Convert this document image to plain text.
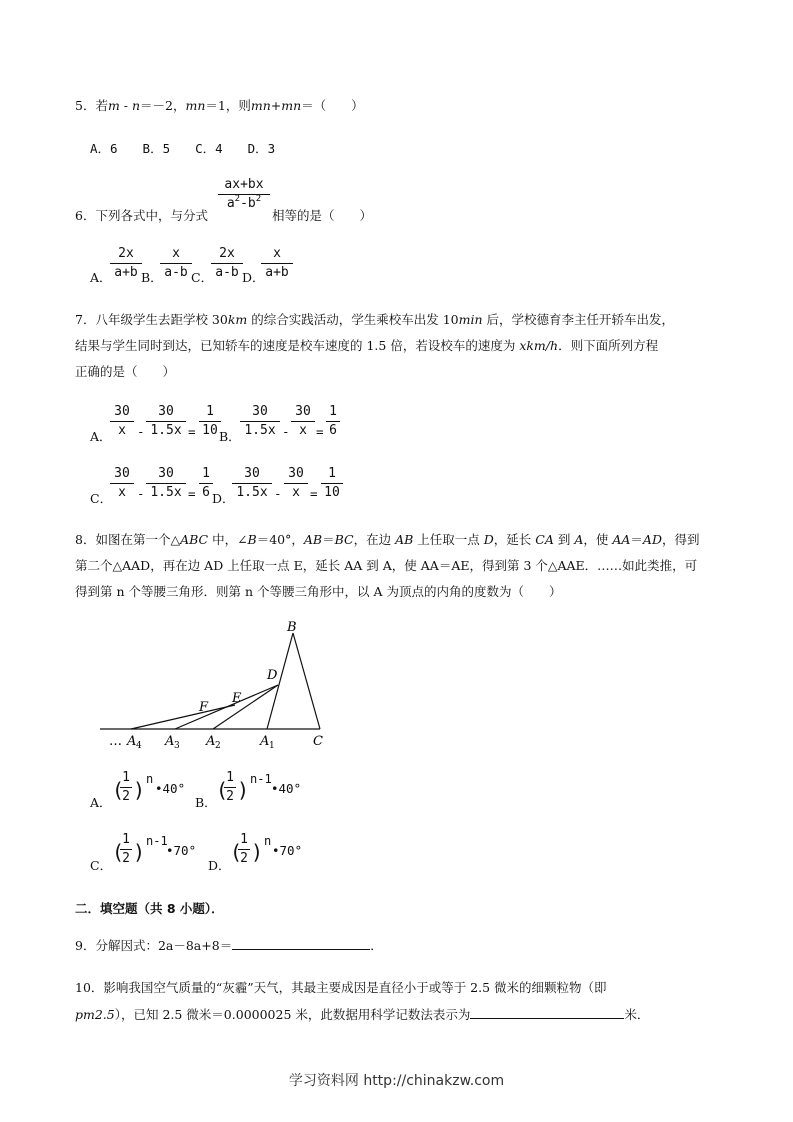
5．若m - n＝－2，mn＝1，则mn+mn＝（　　）
A．6　　B．5　　C．4　　D．3
ax+bx
$a^2-b^2$
6．下列各式中，与分式	相等的是（　　）
A．
2x
a+b B．
x
a-b C．
2x
a-b D．
x
a+b
7．八年级学生去距学校 30km 的综合实践活动，学生乘校车出发 10min 后，学校德育李主任开轿车出发，
结果与学生同时到达，已知轿车的速度是校车速度的 1.5 倍，若设校车的速度为 xkm/h．则下面所列方程
正确的是（　　）
A．
30
x -
30
1.5x =
1
10 B．
30
1.5x -
30
x =
1
6
C．
30
x -
30
1.5x =
1
6 D．
30
1.5x -
30
x =
1
10
8．如图在第一个△ABC 中，∠B＝40°，AB＝BC，在边 AB 上任取一点 D，延长 CA 到 A，使 AA＝AD，得到
第二个△AAD，再在边 AD 上任取一点 E，延长 AA 到 A，使 AA＝AE，得到第 3 个△AAE．……如此类推，可
得到第 n 个等腰三角形．则第 n 个等腰三角形中，以 A 为顶点的内角的度数为（　　）
B
D
E
F
C
… A 4 A 3 A 2	A 1
A．
(
1
2 ) n
•40°
B．
(
1
2 ) n-1
•40°
C．
(
1
2 ) n-1
•70°
D．
(
1
2 ) n
•70°
二．填空题（共 8 小题）．
9．分解因式：2a－8a+8＝	．
10．影响我国空气质量的“灰霾”天气，其最主要成因是直径小于或等于 2.5 微米的细颗粒物（即
pm2.5），已知 2.5 微米＝0.0000025 米，此数据用科学记数法表示为	米．
学习资料网 http://chinakzw.com
